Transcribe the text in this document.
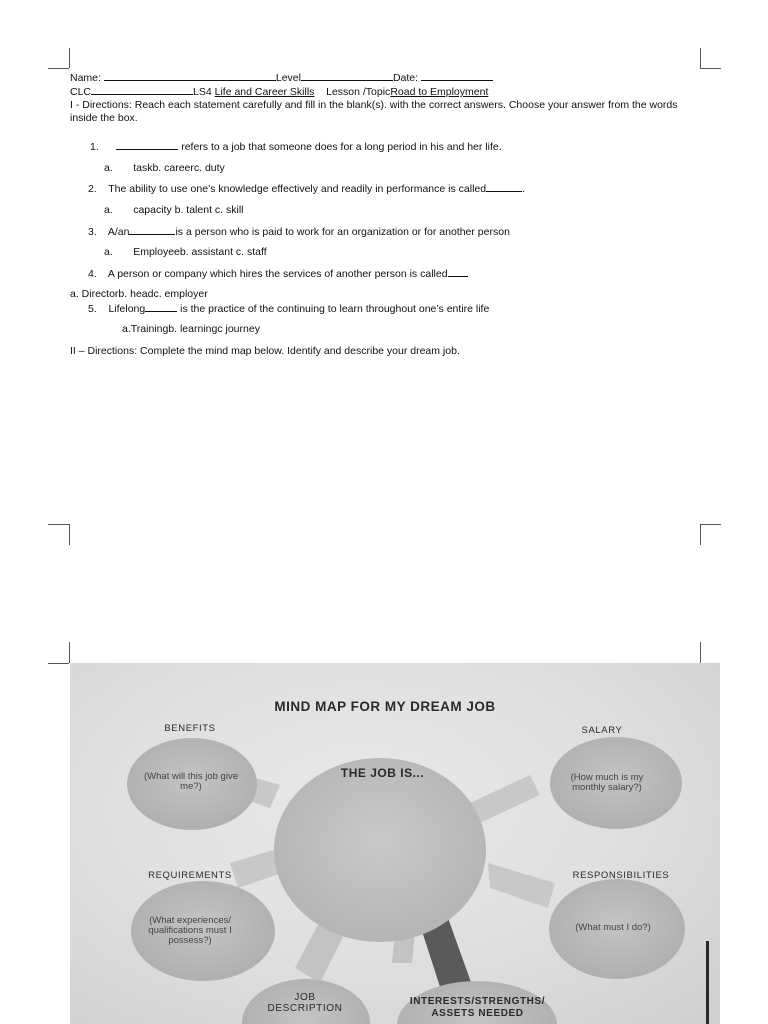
Name:	Level	Date:
CLC	LS4 Life and Career Skills Lesson /TopicRoad to Employment
I - Directions: Reach each statement carefully and fill in the blank(s). with the correct answers. Choose your answer from the words inside the box.
1.	refers to a job that someone does for a long period in his and her life.
a. taskb. careerc. duty
2. The ability to use one’s knowledge effectively and readily in performance is called	.
a. capacity b. talent c. skill
3. A/an	is a person who is paid to work for an organization or for another person
a. Employeeb. assistant c. staff
4. A person or company which hires the services of another person is called
a. Directorb. headc. employer
5. Lifelong	is the practice of the continuing to learn throughout one’s entire life
a.Trainingb. learningc journey
II – Directions: Complete the mind map below. Identify and describe your dream job.
MIND MAP FOR MY DREAM JOB
THE JOB IS...
BENEFITS
(What will this job give me?)
SALARY
(How much is my monthly salary?)
REQUIREMENTS
(What experiences/ qualifications must I possess?)
RESPONSIBILITIES
(What must I do?)
JOB DESCRIPTION
INTERESTS/STRENGTHS/ ASSETS NEEDED
